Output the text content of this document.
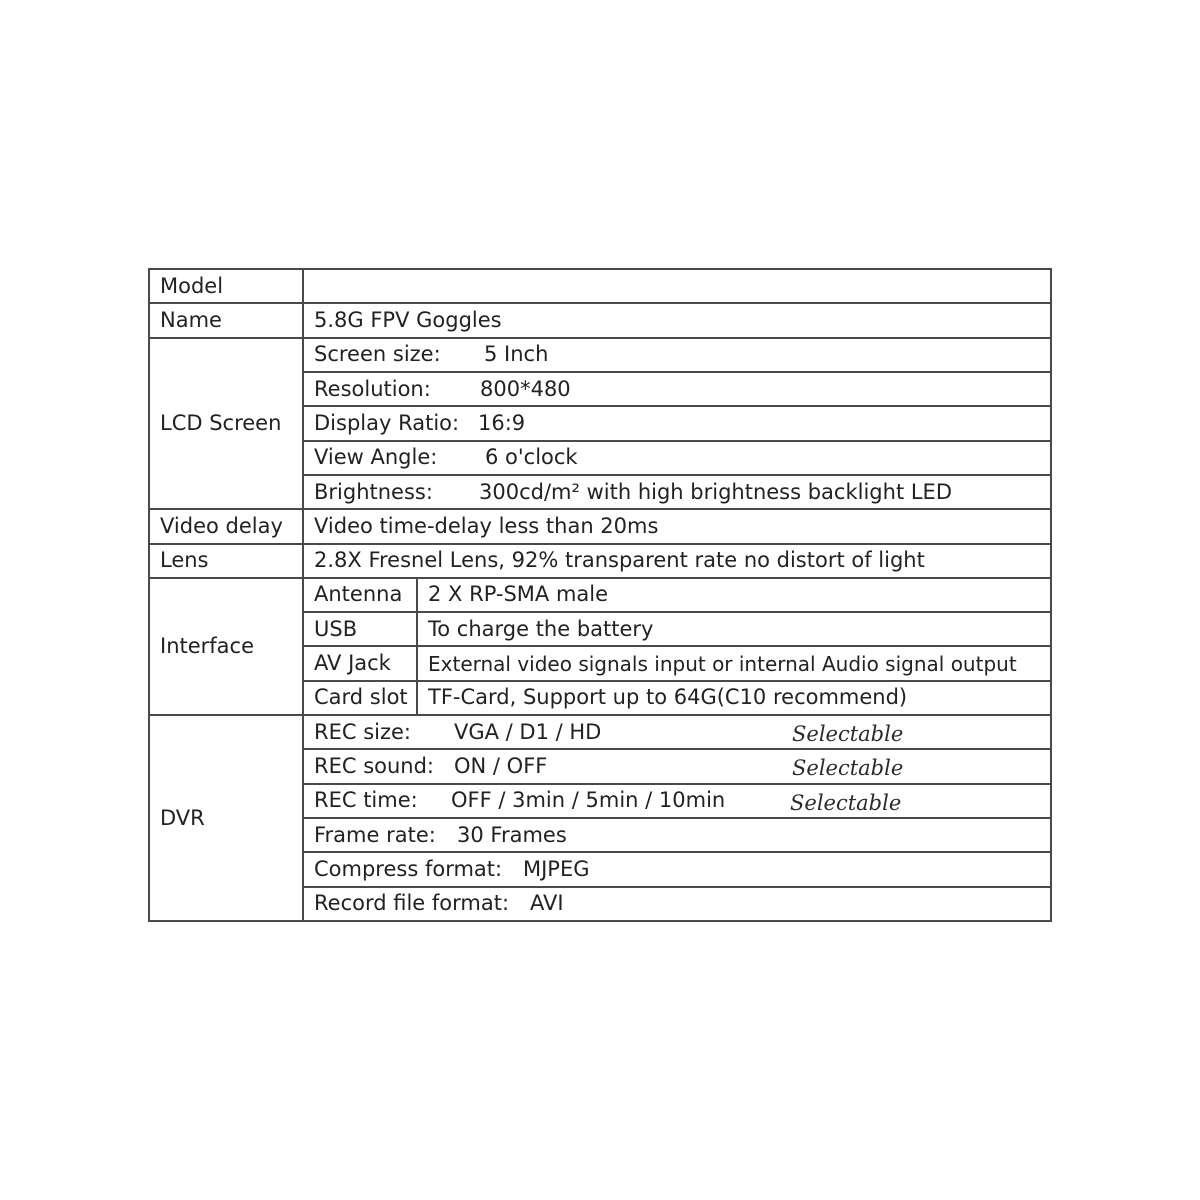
Model		
Name	5.8G FPV Goggles	
LCD Screen	Screen size: 5 Inch	
	Resolution: 800*480	
	Display Ratio: 16:9	
	View Angle: 6 o'clock	
	Brightness: 300cd/m² with high brightness backlight LED	
Video delay	Video time-delay less than 20ms	
Lens	2.8X Fresnel Lens, 92% transparent rate no distort of light	
Interface	Antenna	2 X RP-SMA male
	USB	To charge the battery
	AV Jack	External video signals input or internal Audio signal output
	Card slot	TF-Card, Support up to 64G(C10 recommend)
DVR	REC size: VGA / D1 / HD Selectable	

	REC sound: ON / OFF Selectable	

	REC time: OFF / 3min / 5min / 10min Selectable	

	Frame rate: 30 Frames	
	Compress format: MJPEG	
	Record file format: AVI	
